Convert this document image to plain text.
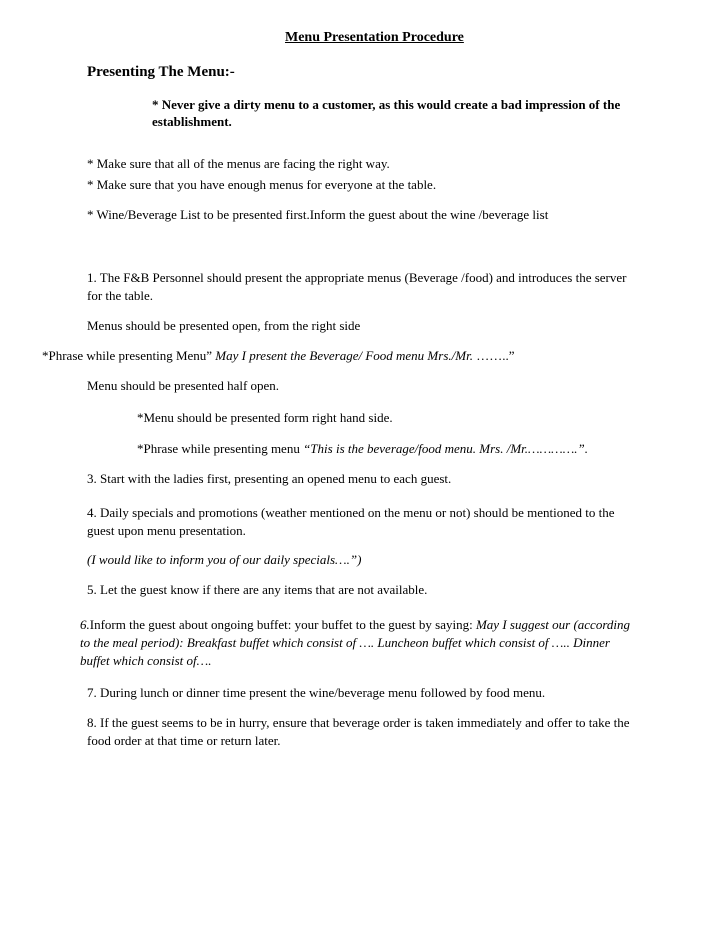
Menu Presentation Procedure
Presenting The Menu:-
* Never give a dirty menu to a customer, as this would create a bad impression of the
establishment.
* Make sure that all of the menus are facing the right way.
* Make sure that you have enough menus for everyone at the table.
* Wine/Beverage List to be presented first.Inform the guest about the wine /beverage list
1. The F&B Personnel should present the appropriate menus (Beverage /food) and introduces the server
for the table.
Menus should be presented open, from the right side
*Phrase while presenting Menu” May I present the Beverage/ Food menu Mrs./Mr. ……..”
Menu should be presented half open.
*Menu should be presented form right hand side.
*Phrase while presenting menu “This is the beverage/food menu. Mrs. /Mr.………….”.
3. Start with the ladies first, presenting an opened menu to each guest.
4. Daily specials and promotions (weather mentioned on the menu or not) should be mentioned to the
guest upon menu presentation.
(I would like to inform you of our daily specials….”)
5. Let the guest know if there are any items that are not available.
6.Inform the guest about ongoing buffet: your buffet to the guest by saying: May I suggest our (according
to the meal period): Breakfast buffet which consist of …. Luncheon buffet which consist of ….. Dinner
buffet which consist of….
7. During lunch or dinner time present the wine/beverage menu followed by food menu.
8. If the guest seems to be in hurry, ensure that beverage order is taken immediately and offer to take the
food order at that time or return later.
